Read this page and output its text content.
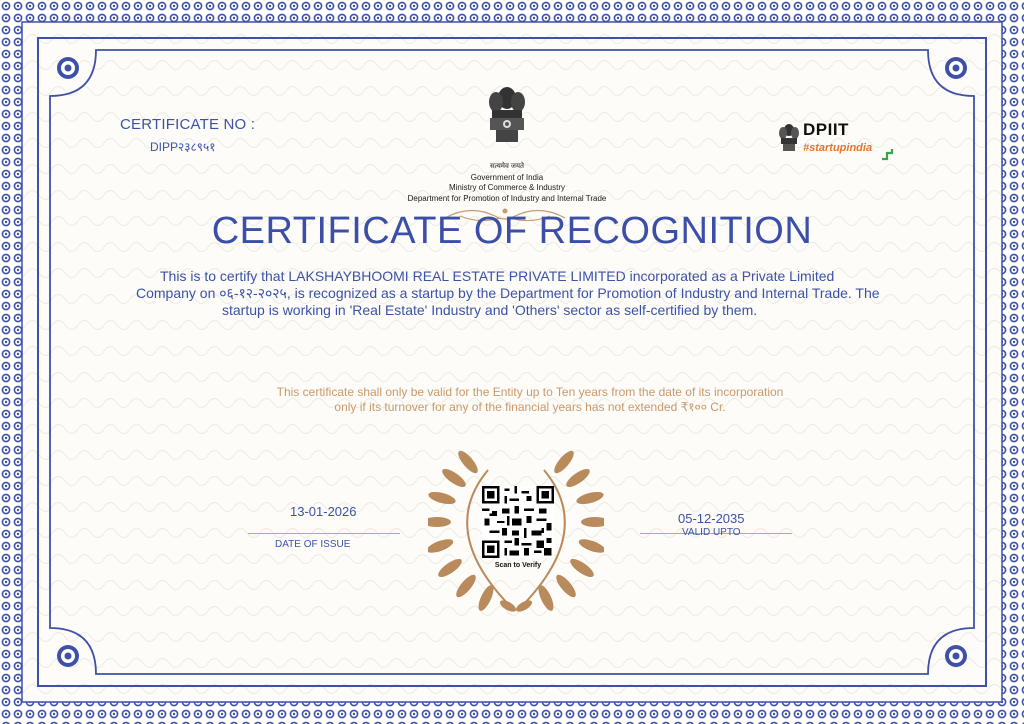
CERTIFICATE NO :
DIPP२३८९५१
सत्यमेव जयते
Government of India
Ministry of Commerce & Industry
Department for Promotion of Industry and Internal Trade
DPIIT
#startupindia
CERTIFICATE OF RECOGNITION
This is to certify that LAKSHAYBHOOMI REAL ESTATE PRIVATE LIMITED incorporated as a Private Limited
Company on ०६-१२-२०२५, is recognized as a startup by the Department for Promotion of Industry and Internal Trade. The
startup is working in 'Real Estate' Industry and 'Others' sector as self-certified by them.
This certificate shall only be valid for the Entity up to Ten years from the date of its incorporation
only if its turnover for any of the financial years has not extended ₹१०० Cr.
13-01-2026
DATE OF ISSUE
05-12-2035
VALID UPTO
Scan to Verify
